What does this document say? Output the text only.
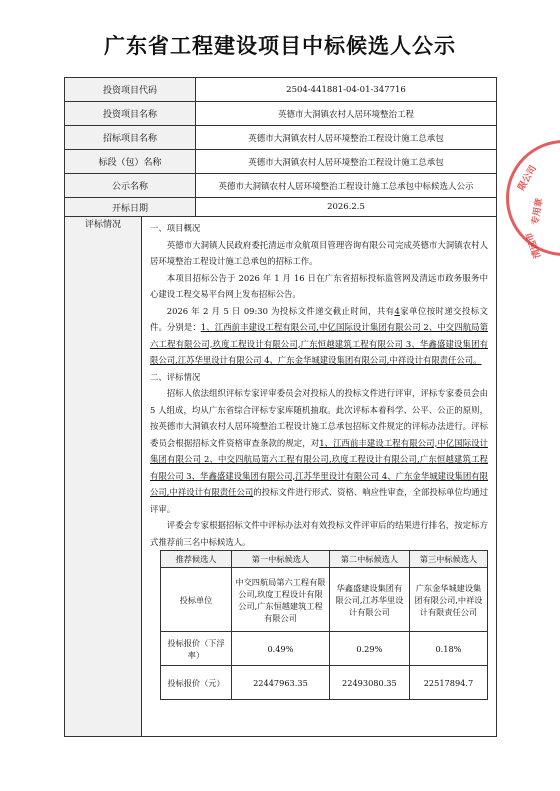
广东省工程建设项目中标候选人公示
投资项目代码	2504-441881-04-01-347716
投资项目名称	英德市大洞镇农村人居环境整治工程
招标项目名称	英德市大洞镇农村人居环境整治工程设计施工总承包
标段（包）名称	英德市大洞镇农村人居环境整治工程设计施工总承包
公示名称	英德市大洞镇农村人居环境整治工程设计施工总承包中标候选人公示
开标日期	2026.2.5
评标情况	一、项目概况

英德市大洞镇人民政府委托清远市众航项目管理咨询有限公司完成英德市大洞镇农村人居环境整治工程设计施工总承包的招标工作。

本项目招标公告于 2026 年 1 月 16 日在广东省招标投标监管网及清远市政务服务中心建设工程交易平台网上发布招标公告。

2026 年 2 月 5 日 09:30 为投标文件递交截止时间，共有4家单位按时递交投标文件。分别是：1、江西前丰建设工程有限公司,中亿国际设计集团有限公司 2、中交四航局第六工程有限公司,玖度工程设计有限公司,广东恒越建筑工程有限公司 3、华鑫盛建设集团有限公司,江苏华里设计有限公司 4、广东金华城建设集团有限公司,中祥设计有限责任公司。

二、评标情况

招标人依法组织评标专家评审委员会对投标人的投标文件进行评审，评标专家委员会由 5 人组成，均从广东省综合评标专家库随机抽取。此次评标本着科学、公平、公正的原则，按英德市大洞镇农村人居环境整治工程设计施工总承包招标文件规定的评标办法进行。评标委员会根据招标文件资格审查条款的规定，对1、江西前丰建设工程有限公司,中亿国际设计集团有限公司 2、中交四航局第六工程有限公司,玖度工程设计有限公司,广东恒越建筑工程有限公司 3、华鑫盛建设集团有限公司,江苏华里设计有限公司 4、广东金华城建设集团有限公司,中祥设计有限责任公司的投标文件进行形式、资格、响应性审查，全部投标单位均通过评审。

评委会专家根据招标文件中评标办法对有效投标文件评审后的结果进行排名，按定标方式推荐前三名中标候选人。

推荐候选人	第一中标候选人	第二中标候选人	第三中标候选人
投标单位	中交四航局第六工程有限公司,玖度工程设计有限公司,广东恒越建筑工程有限公司	华鑫盛建设集团有限公司,江苏华里设计有限公司	广东金华城建设集团有限公司,中祥设计有限责任公司
投标报价（下浮率）	0.49%	0.29%	0.18%
投标报价（元）	22447963.35	22493080.35	22517894.7
限公司
专用章
清远市
